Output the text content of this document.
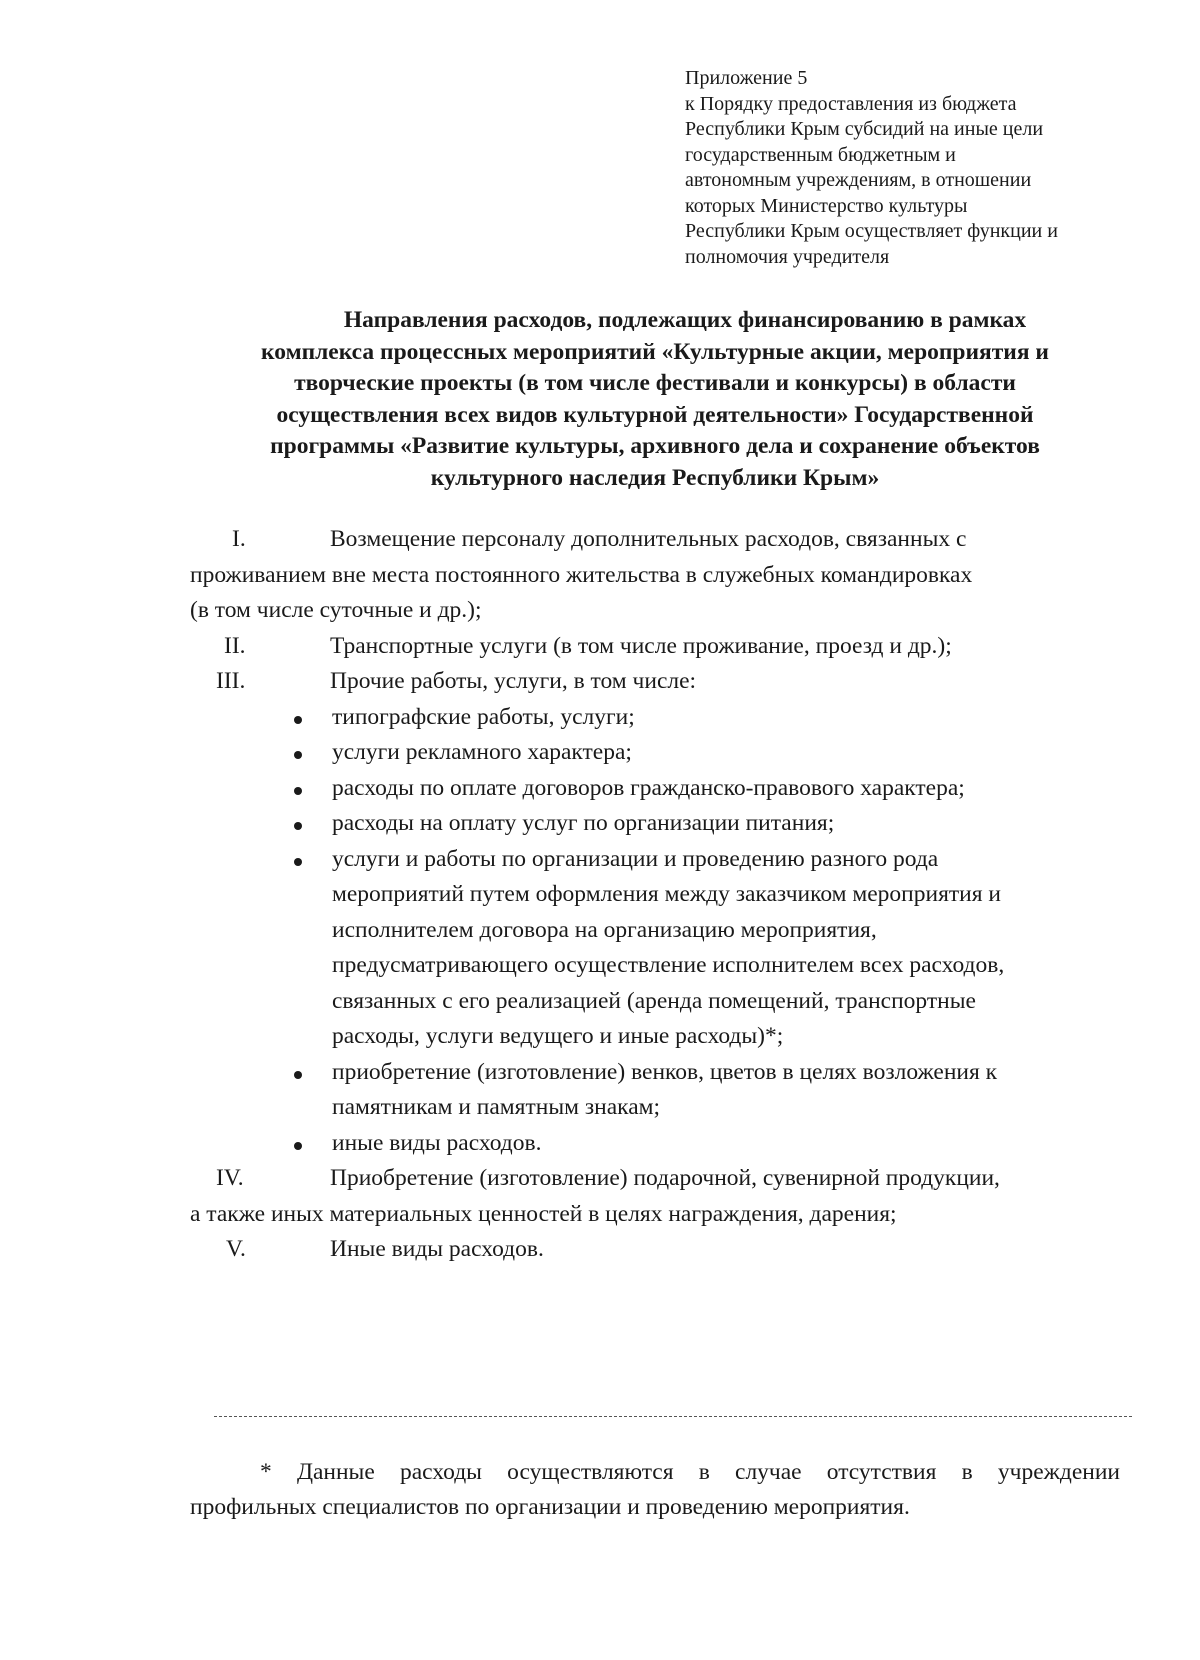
Приложение 5
к Порядку предоставления из бюджета
Республики Крым субсидий на иные цели
государственным бюджетным и
автономным учреждениям, в отношении
которых Министерство культуры
Республики Крым осуществляет функции и
полномочия учредителя
Направления расходов, подлежащих финансированию в рамках
комплекса процессных мероприятий «Культурные акции, мероприятия и
творческие проекты (в том числе фестивали и конкурсы) в области
осуществления всех видов культурной деятельности» Государственной
программы «Развитие культуры, архивного дела и сохранение объектов
культурного наследия Республики Крым»
I.	Возмещение персоналу дополнительных расходов, связанных с
проживанием вне места постоянного жительства в служебных командировках
(в том числе суточные и др.);
II.	Транспортные услуги (в том числе проживание, проезд и др.);
III.	Прочие работы, услуги, в том числе:
типографские работы, услуги;
услуги рекламного характера;
расходы по оплате договоров гражданско-правового характера;
расходы на оплату услуг по организации питания;
услуги и работы по организации и проведению разного рода
мероприятий путем оформления между заказчиком мероприятия и
исполнителем договора на организацию мероприятия,
предусматривающего осуществление исполнителем всех расходов,
связанных с его реализацией (аренда помещений, транспортные
расходы, услуги ведущего и иные расходы)*;
приобретение (изготовление) венков, цветов в целях возложения к
памятникам и памятным знакам;
иные виды расходов.
IV.	Приобретение (изготовление) подарочной, сувенирной продукции,
а также иных материальных ценностей в целях награждения, дарения;
V.	Иные виды расходов.
* Данные расходы осуществляются в случае отсутствия в учреждении
профильных специалистов по организации и проведению мероприятия.
